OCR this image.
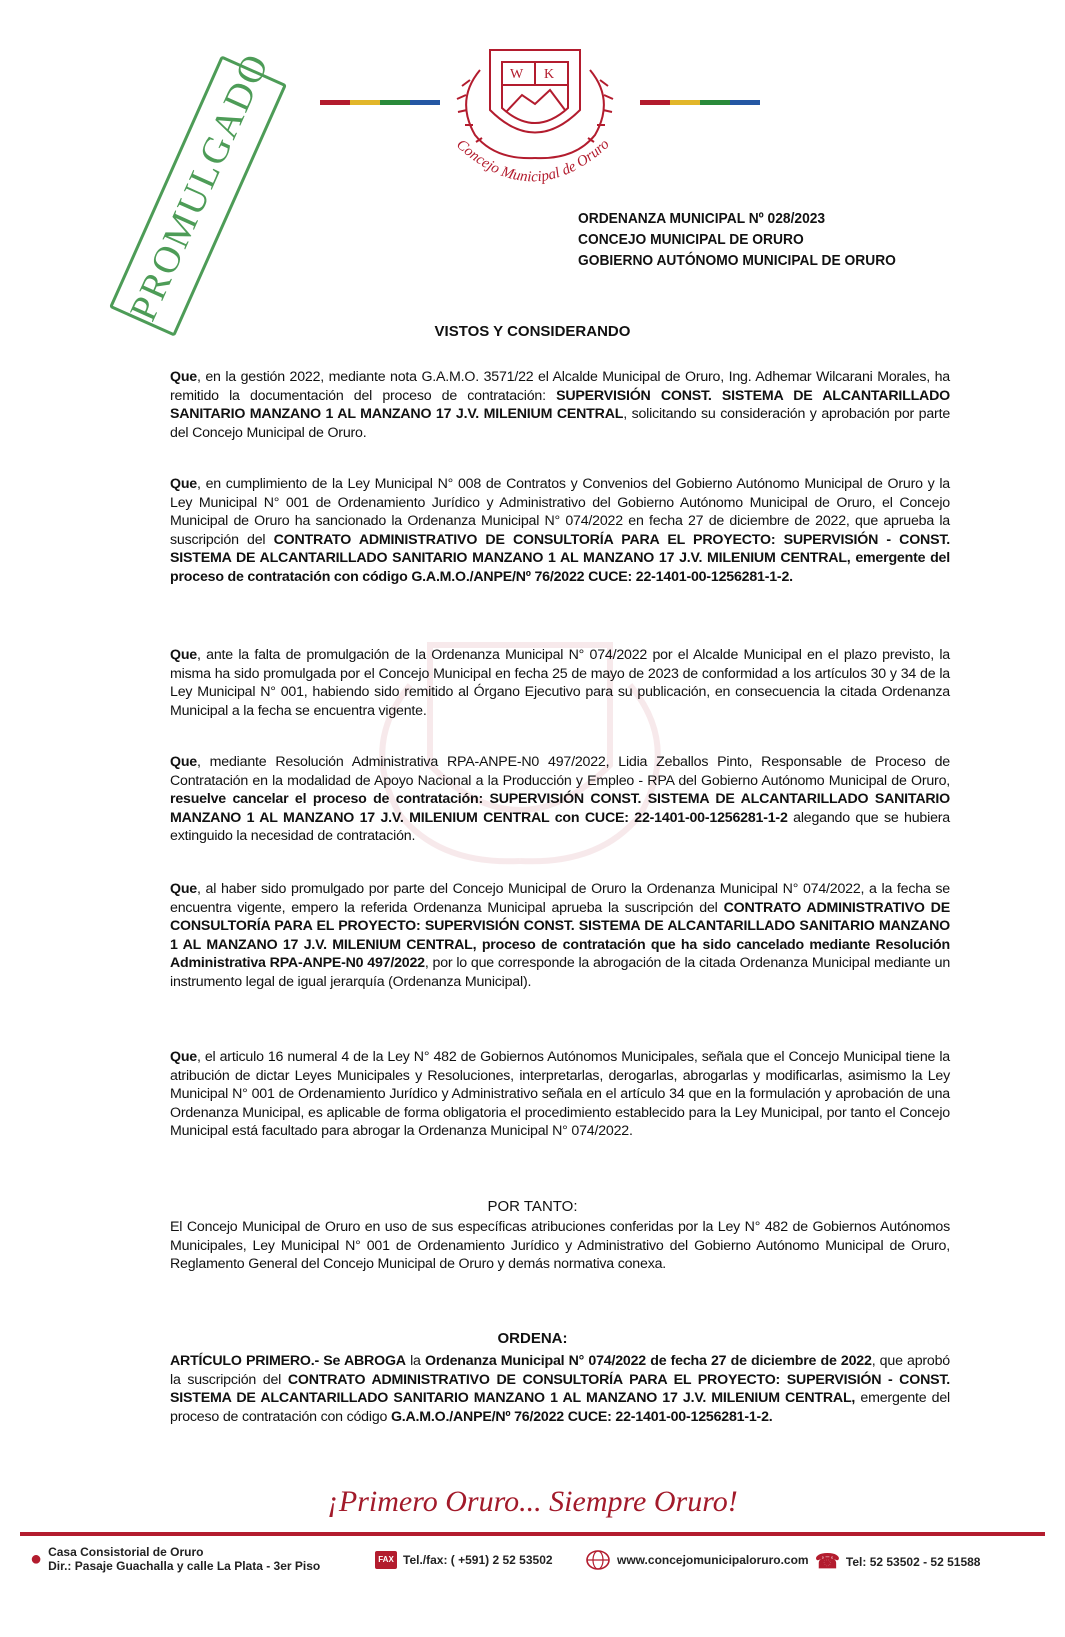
W K
Concejo Municipal de Oruro
PROMULGADO	ORDENANZA MUNICIPAL Nº 028/2023
CONCEJO MUNICIPAL DE ORURO
GOBIERNO AUTÓNOMO MUNICIPAL DE ORURO
VISTOS Y CONSIDERANDO
Que, en la gestión 2022, mediante nota G.A.M.O. 3571/22 el Alcalde Municipal de Oruro, Ing. Adhemar Wilcarani Morales, ha remitido la documentación del proceso de contratación: SUPERVISIÓN CONST. SISTEMA DE ALCANTARILLADO SANITARIO MANZANO 1 AL MANZANO 17 J.V. MILENIUM CENTRAL, solicitando su consideración y aprobación por parte del Concejo Municipal de Oruro.
Que, en cumplimiento de la Ley Municipal N° 008 de Contratos y Convenios del Gobierno Autónomo Municipal de Oruro y la Ley Municipal N° 001 de Ordenamiento Jurídico y Administrativo del Gobierno Autónomo Municipal de Oruro, el Concejo Municipal de Oruro ha sancionado la Ordenanza Municipal N° 074/2022 en fecha 27 de diciembre de 2022, que aprueba la suscripción del CONTRATO ADMINISTRATIVO DE CONSULTORÍA PARA EL PROYECTO: SUPERVISIÓN - CONST. SISTEMA DE ALCANTARILLADO SANITARIO MANZANO 1 AL MANZANO 17 J.V. MILENIUM CENTRAL, emergente del proceso de contratación con código G.A.M.O./ANPE/Nº 76/2022 CUCE: 22-1401-00-1256281-1-2.
Que, ante la falta de promulgación de la Ordenanza Municipal N° 074/2022 por el Alcalde Municipal en el plazo previsto, la misma ha sido promulgada por el Concejo Municipal en fecha 25 de mayo de 2023 de conformidad a los artículos 30 y 34 de la Ley Municipal N° 001, habiendo sido remitido al Órgano Ejecutivo para su publicación, en consecuencia la citada Ordenanza Municipal a la fecha se encuentra vigente.
Que, mediante Resolución Administrativa RPA-ANPE-N0 497/2022, Lidia Zeballos Pinto, Responsable de Proceso de Contratación en la modalidad de Apoyo Nacional a la Producción y Empleo - RPA del Gobierno Autónomo Municipal de Oruro, resuelve cancelar el proceso de contratación: SUPERVISIÓN CONST. SISTEMA DE ALCANTARILLADO SANITARIO MANZANO 1 AL MANZANO 17 J.V. MILENIUM CENTRAL con CUCE: 22-1401-00-1256281-1-2 alegando que se hubiera extinguido la necesidad de contratación.
Que, al haber sido promulgado por parte del Concejo Municipal de Oruro la Ordenanza Municipal N° 074/2022, a la fecha se encuentra vigente, empero la referida Ordenanza Municipal aprueba la suscripción del CONTRATO ADMINISTRATIVO DE CONSULTORÍA PARA EL PROYECTO: SUPERVISIÓN CONST. SISTEMA DE ALCANTARILLADO SANITARIO MANZANO 1 AL MANZANO 17 J.V. MILENIUM CENTRAL, proceso de contratación que ha sido cancelado mediante Resolución Administrativa RPA-ANPE-N0 497/2022, por lo que corresponde la abrogación de la citada Ordenanza Municipal mediante un instrumento legal de igual jerarquía (Ordenanza Municipal).
Que, el articulo 16 numeral 4 de la Ley N° 482 de Gobiernos Autónomos Municipales, señala que el Concejo Municipal tiene la atribución de dictar Leyes Municipales y Resoluciones, interpretarlas, derogarlas, abrogarlas y modificarlas, asimismo la Ley Municipal N° 001 de Ordenamiento Jurídico y Administrativo señala en el artículo 34 que en la formulación y aprobación de una Ordenanza Municipal, es aplicable de forma obligatoria el procedimiento establecido para la Ley Municipal, por tanto el Concejo Municipal está facultado para abrogar la Ordenanza Municipal N° 074/2022.
POR TANTO:
El Concejo Municipal de Oruro en uso de sus específicas atribuciones conferidas por la Ley N° 482 de Gobiernos Autónomos Municipales, Ley Municipal N° 001 de Ordenamiento Jurídico y Administrativo del Gobierno Autónomo Municipal de Oruro, Reglamento General del Concejo Municipal de Oruro y demás normativa conexa.
ORDENA:
ARTÍCULO PRIMERO.- Se ABROGA la Ordenanza Municipal N° 074/2022 de fecha 27 de diciembre de 2022, que aprobó la suscripción del CONTRATO ADMINISTRATIVO DE CONSULTORÍA PARA EL PROYECTO: SUPERVISIÓN - CONST. SISTEMA DE ALCANTARILLADO SANITARIO MANZANO 1 AL MANZANO 17 J.V. MILENIUM CENTRAL, emergente del proceso de contratación con código G.A.M.O./ANPE/Nº 76/2022 CUCE: 22-1401-00-1256281-1-2.
¡Primero Oruro... Siempre Oruro!
● Casa Consistorial de Oruro
Dir.: Pasaje Guachalla y calle La Plata - 3er Piso	FAX Tel./fax: ( +591) 2 52 53502	www.concejomunicipaloruro.com ☎ Tel: 52 53502 - 52 51588
